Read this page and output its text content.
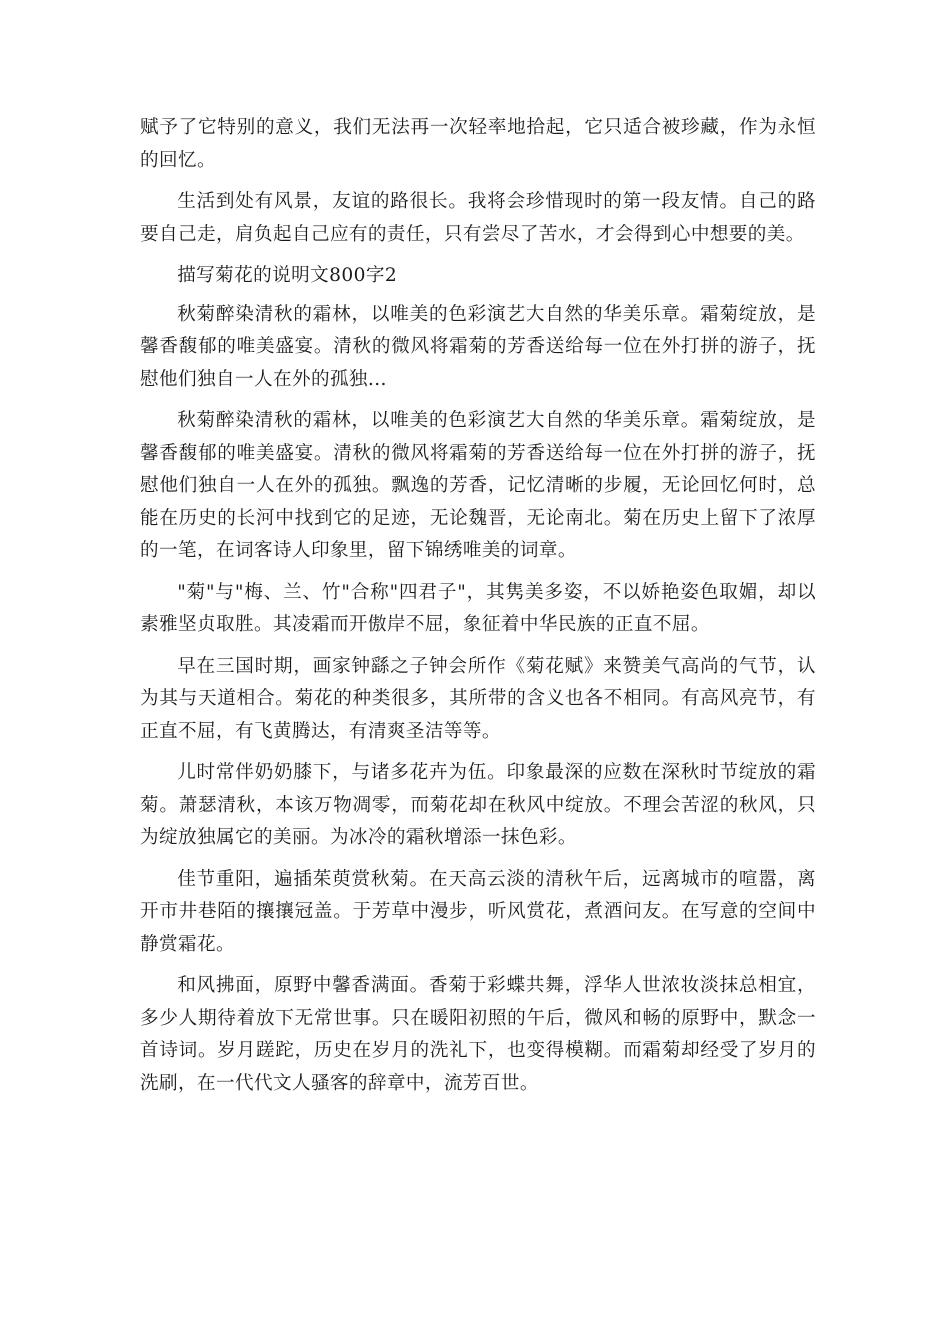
赋予了它特别的意义，我们无法再一次轻率地拾起，它只适合被珍藏，作为永恒的回忆。

生活到处有风景，友谊的路很长。我将会珍惜现时的第一段友情。自己的路要自己走，肩负起自己应有的责任，只有尝尽了苦水，才会得到心中想要的美。

描写菊花的说明文800字2

秋菊醉染清秋的霜林，以唯美的色彩演艺大自然的华美乐章。霜菊绽放，是馨香馥郁的唯美盛宴。清秋的微风将霜菊的芳香送给每一位在外打拼的游子，抚慰他们独自一人在外的孤独...

秋菊醉染清秋的霜林，以唯美的色彩演艺大自然的华美乐章。霜菊绽放，是馨香馥郁的唯美盛宴。清秋的微风将霜菊的芳香送给每一位在外打拼的游子，抚慰他们独自一人在外的孤独。飘逸的芳香，记忆清晰的步履，无论回忆何时，总能在历史的长河中找到它的足迹，无论魏晋，无论南北。菊在历史上留下了浓厚的一笔，在词客诗人印象里，留下锦绣唯美的词章。

"菊"与"梅、兰、竹"合称"四君子"，其隽美多姿，不以娇艳姿色取媚，却以素雅坚贞取胜。其凌霜而开傲岸不屈，象征着中华民族的正直不屈。

早在三国时期，画家钟繇之子钟会所作《菊花赋》来赞美气高尚的气节，认为其与天道相合。菊花的种类很多，其所带的含义也各不相同。有高风亮节，有正直不屈，有飞黄腾达，有清爽圣洁等等。

儿时常伴奶奶膝下，与诸多花卉为伍。印象最深的应数在深秋时节绽放的霜菊。萧瑟清秋，本该万物凋零，而菊花却在秋风中绽放。不理会苦涩的秋风，只为绽放独属它的美丽。为冰冷的霜秋增添一抹色彩。

佳节重阳，遍插茱萸赏秋菊。在天高云淡的清秋午后，远离城市的喧嚣，离开市井巷陌的攘攘冠盖。于芳草中漫步，听风赏花，煮酒问友。在写意的空间中静赏霜花。

和风拂面，原野中馨香满面。香菊于彩蝶共舞，浮华人世浓妆淡抹总相宜，多少人期待着放下无常世事。只在暖阳初照的午后，微风和畅的原野中，默念一首诗词。岁月蹉跎，历史在岁月的洗礼下，也变得模糊。而霜菊却经受了岁月的洗刷，在一代代文人骚客的辞章中，流芳百世。
